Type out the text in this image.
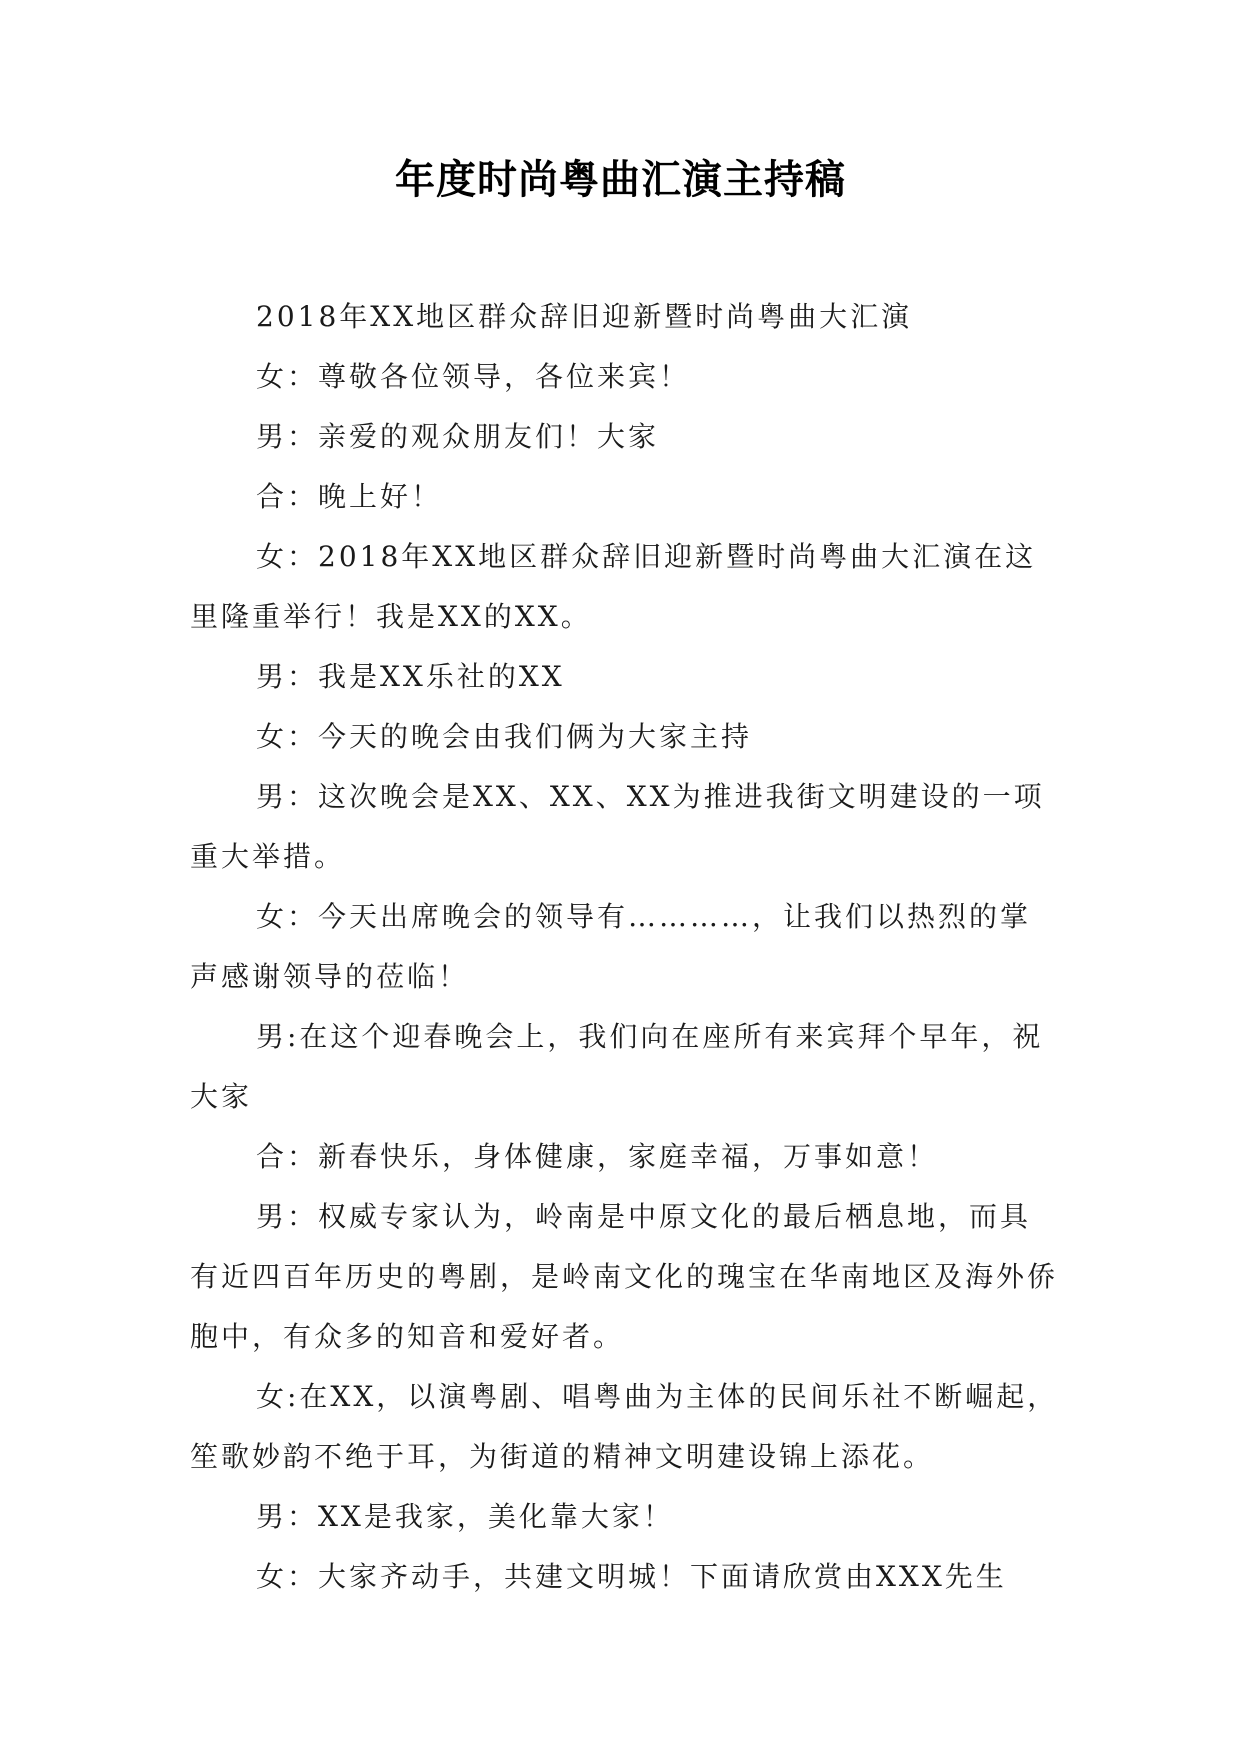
年度时尚粤曲汇演主持稿

2018年XX地区群众辞旧迎新暨时尚粤曲大汇演

女：尊敬各位领导，各位来宾！

男：亲爱的观众朋友们！大家

合：晚上好！

女：2018年XX地区群众辞旧迎新暨时尚粤曲大汇演在这里隆重举行！我是XX的XX。

男：我是XX乐社的XX

女：今天的晚会由我们俩为大家主持

男：这次晚会是XX、XX、XX为推进我街文明建设的一项重大举措。

女：今天出席晚会的领导有…………，让我们以热烈的掌声感谢领导的莅临！

男:在这个迎春晚会上，我们向在座所有来宾拜个早年，祝大家

合：新春快乐，身体健康，家庭幸福，万事如意！

男：权威专家认为，岭南是中原文化的最后栖息地，而具有近四百年历史的粤剧，是岭南文化的瑰宝在华南地区及海外侨胞中，有众多的知音和爱好者。

女:在XX，以演粤剧、唱粤曲为主体的民间乐社不断崛起，笙歌妙韵不绝于耳，为街道的精神文明建设锦上添花。

男：XX是我家，美化靠大家！

女：大家齐动手，共建文明城！下面请欣赏由XXX先生
